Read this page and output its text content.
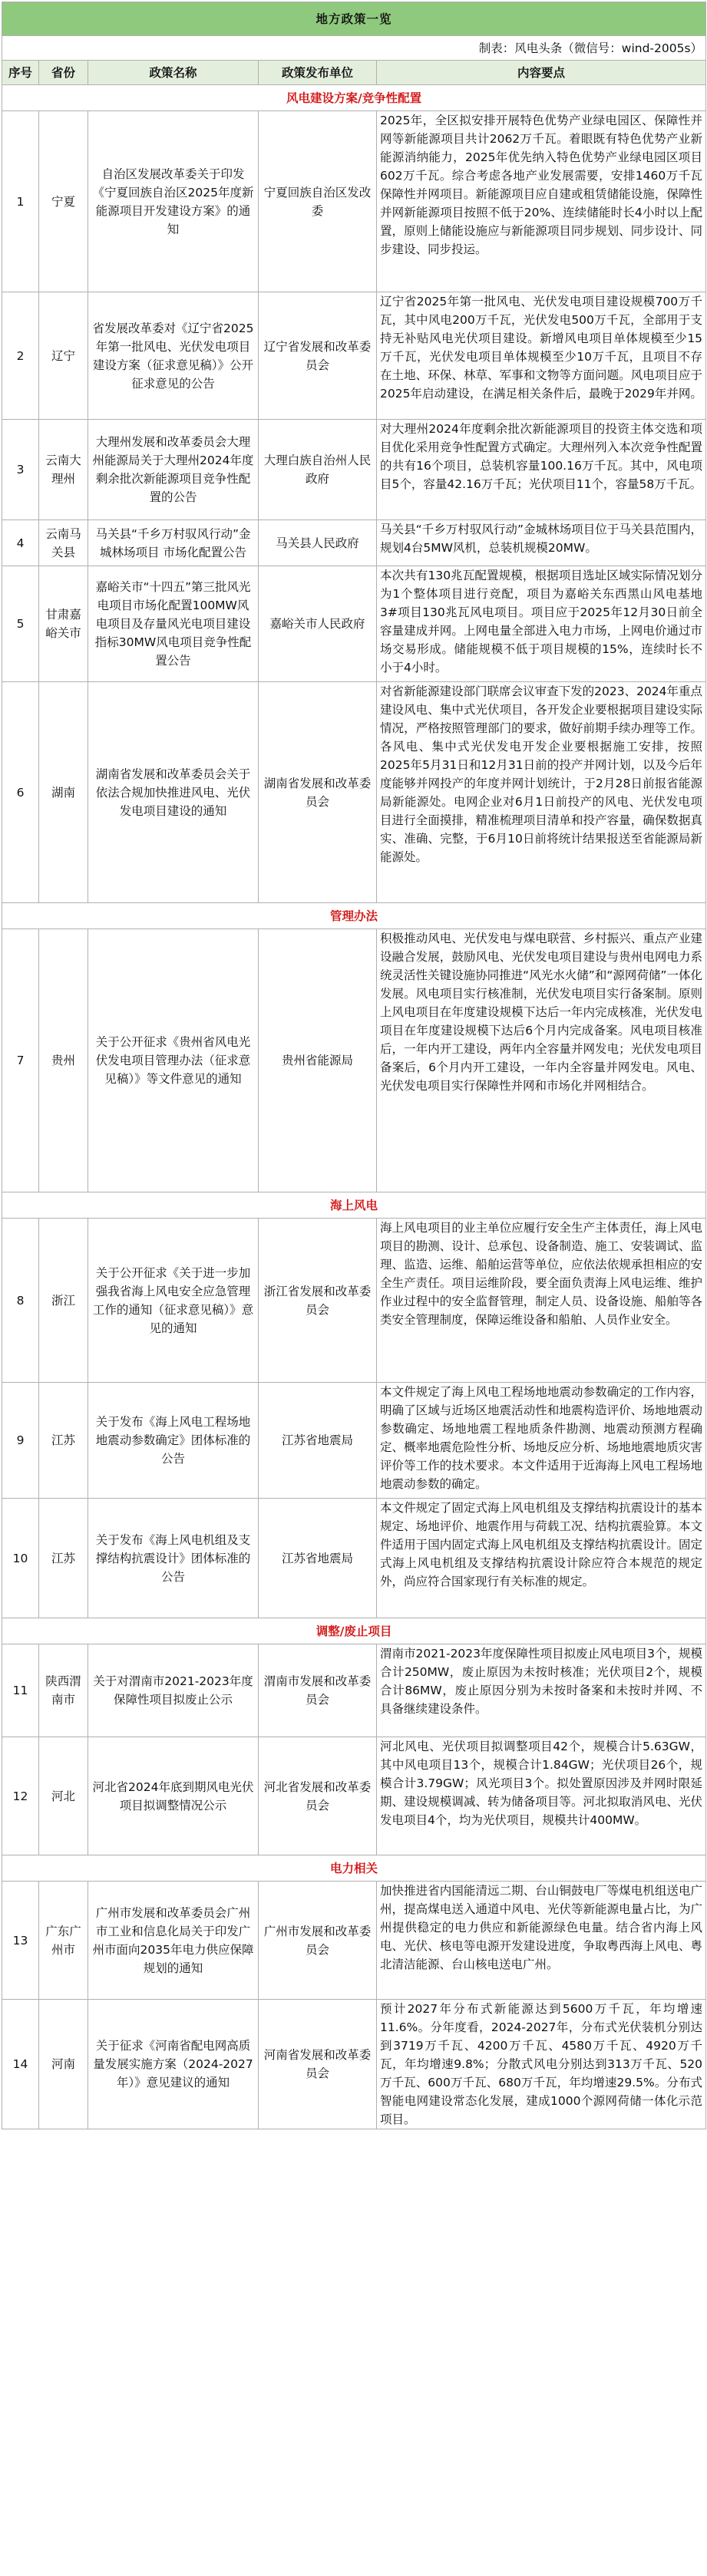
地方政策一览				
制表：风电头条（微信号：wind-2005s）				
序号	省份	政策名称	政策发布单位	内容要点
风电建设方案/竞争性配置				
1	宁夏	自治区发展改革委关于印发《宁夏回族自治区2025年度新能源项目开发建设方案》的通知	宁夏回族自治区发改委	2025年，全区拟安排开展特色优势产业绿电园区、保障性并网等新能源项目共计2062万千瓦。着眼既有特色优势产业新能源消纳能力，2025年优先纳入特色优势产业绿电园区项目602万千瓦。综合考虑各地产业发展需要，安排1460万千瓦保障性并网项目。新能源项目应自建或租赁储能设施，保障性并网新能源项目按照不低于20%、连续储能时长4小时以上配置，原则上储能设施应与新能源项目同步规划、同步设计、同步建设、同步投运。
2	辽宁	省发展改革委对《辽宁省2025年第一批风电、光伏发电项目建设方案（征求意见稿）》公开征求意见的公告	辽宁省发展和改革委员会	辽宁省2025年第一批风电、光伏发电项目建设规模700万千瓦，其中风电200万千瓦，光伏发电500万千瓦，全部用于支持无补贴风电光伏项目建设。新增风电项目单体规模至少15万千瓦，光伏发电项目单体规模至少10万千瓦，且项目不存在土地、环保、林草、军事和文物等方面问题。风电项目应于2025年启动建设，在满足相关条件后，最晚于2029年并网。
3	云南大理州	大理州发展和改革委员会大理州能源局关于大理州2024年度剩余批次新能源项目竞争性配置的公告	大理白族自治州人民政府	对大理州2024年度剩余批次新能源项目的投资主体交选和项目优化采用竞争性配置方式确定。大理州列入本次竞争性配置的共有16个项目，总装机容量100.16万千瓦。其中，风电项目5个，容量42.16万千瓦；光伏项目11个，容量58万千瓦。
4	云南马关县	马关县“千乡万村驭风行动”金城林场项目 市场化配置公告	马关县人民政府	马关县“千乡万村驭风行动”金城林场项目位于马关县范围内，规划4台5MW风机，总装机规模20MW。
5	甘肃嘉峪关市	嘉峪关市“十四五”第三批风光电项目市场化配置100MW风电项目及存量风光电项目建设指标30MW风电项目竞争性配置公告	嘉峪关市人民政府	本次共有130兆瓦配置规模，根据项目选址区域实际情况划分为1个整体项目进行竞配，项目为嘉峪关东西黑山风电基地3#项目130兆瓦风电项目。项目应于2025年12月30日前全容量建成并网。上网电量全部进入电力市场，上网电价通过市场交易形成。储能规模不低于项目规模的15%，连续时长不小于4小时。
6	湖南	湖南省发展和改革委员会关于依法合规加快推进风电、光伏发电项目建设的通知	湖南省发展和改革委员会	对省新能源建设部门联席会议审查下发的2023、2024年重点建设风电、集中式光伏项目，各开发企业要根据项目建设实际情况，严格按照管理部门的要求，做好前期手续办理等工作。各风电、集中式光伏发电开发企业要根据施工安排，按照2025年5月31日和12月31日前的投产并网计划，以及今后年度能够并网投产的年度并网计划统计，于2月28日前报省能源局新能源处。电网企业对6月1日前投产的风电、光伏发电项目进行全面摸排，精准梳理项目清单和投产容量，确保数据真实、准确、完整，于6月10日前将统计结果报送至省能源局新能源处。
管理办法				
7	贵州	关于公开征求《贵州省风电光伏发电项目管理办法（征求意见稿）》等文件意见的通知	贵州省能源局	积极推动风电、光伏发电与煤电联营、乡村振兴、重点产业建设融合发展，鼓励风电、光伏发电项目建设与贵州电网电力系统灵活性关键设施协同推进“风光水火储”和“源网荷储”一体化发展。风电项目实行核准制，光伏发电项目实行备案制。原则上风电项目在年度建设规模下达后一年内完成核准，光伏发电项目在年度建设规模下达后6个月内完成备案。风电项目核准后，一年内开工建设，两年内全容量并网发电；光伏发电项目备案后，6个月内开工建设，一年内全容量并网发电。风电、光伏发电项目实行保障性并网和市场化并网相结合。
海上风电				
8	浙江	关于公开征求《关于进一步加强我省海上风电安全应急管理工作的通知（征求意见稿）》意见的通知	浙江省发展和改革委员会	海上风电项目的业主单位应履行安全生产主体责任，海上风电项目的勘测、设计、总承包、设备制造、施工、安装调试、监理、监造、运维、船舶运营等单位，应依法依规承担相应的安全生产责任。项目运维阶段，要全面负责海上风电运维、维护作业过程中的安全监督管理，制定人员、设备设施、船舶等各类安全管理制度，保障运维设备和船舶、人员作业安全。
9	江苏	关于发布《海上风电工程场地地震动参数确定》团体标准的公告	江苏省地震局	本文件规定了海上风电工程场地地震动参数确定的工作内容，明确了区域与近场区地震活动性和地震构造评价、场地地震动参数确定、场地地震工程地质条件勘测、地震动预测方程确定、概率地震危险性分析、场地反应分析、场地地震地质灾害评价等工作的技术要求。本文件适用于近海海上风电工程场地地震动参数的确定。
10	江苏	关于发布《海上风电机组及支撑结构抗震设计》团体标准的公告	江苏省地震局	本文件规定了固定式海上风电机组及支撑结构抗震设计的基本规定、场地评价、地震作用与荷载工况、结构抗震验算。本文件适用于国内固定式海上风电机组及支撑结构抗震设计。固定式海上风电机组及支撑结构抗震设计除应符合本规范的规定外，尚应符合国家现行有关标准的规定。
调整/废止项目				
11	陕西渭南市	关于对渭南市2021-2023年度保障性项目拟废止公示	渭南市发展和改革委员会	渭南市2021-2023年度保障性项目拟废止风电项目3个，规模合计250MW，废止原因为未按时核准；光伏项目2个，规模合计86MW，废止原因分别为未按时备案和未按时并网、不具备继续建设条件。
12	河北	河北省2024年底到期风电光伏项目拟调整情况公示	河北省发展和改革委员会	河北风电、光伏项目拟调整项目42个，规模合计5.63GW，其中风电项目13个，规模合计1.84GW；光伏项目26个，规模合计3.79GW；风光项目3个。拟处置原因涉及并网时限延期、建设规模调减、转为储备项目等。河北拟取消风电、光伏发电项目4个，均为光伏项目，规模共计400MW。
电力相关				
13	广东广州市	广州市发展和改革委员会广州市工业和信息化局关于印发广州市面向2035年电力供应保障规划的通知	广州市发展和改革委员会	加快推进省内国能清远二期、台山铜鼓电厂等煤电机组送电广州，提高煤电送入通道中风电、光伏等新能源电量占比，为广州提供稳定的电力供应和新能源绿色电量。结合省内海上风电、光伏、核电等电源开发建设进度，争取粤西海上风电、粤北清洁能源、台山核电送电广州。
14	河南	关于征求《河南省配电网高质量发展实施方案（2024-2027年）》意见建议的通知	河南省发展和改革委员会	预计2027年分布式新能源达到5600万千瓦，年均增速11.6%。分年度看，2024-2027年，分布式光伏装机分别达到3719万千瓦、4200万千瓦、4580万千瓦、4920万千瓦，年均增速9.8%；分散式风电分别达到313万千瓦、520万千瓦、600万千瓦、680万千瓦，年均增速29.5%。分布式智能电网建设常态化发展，建成1000个源网荷储一体化示范项目。
